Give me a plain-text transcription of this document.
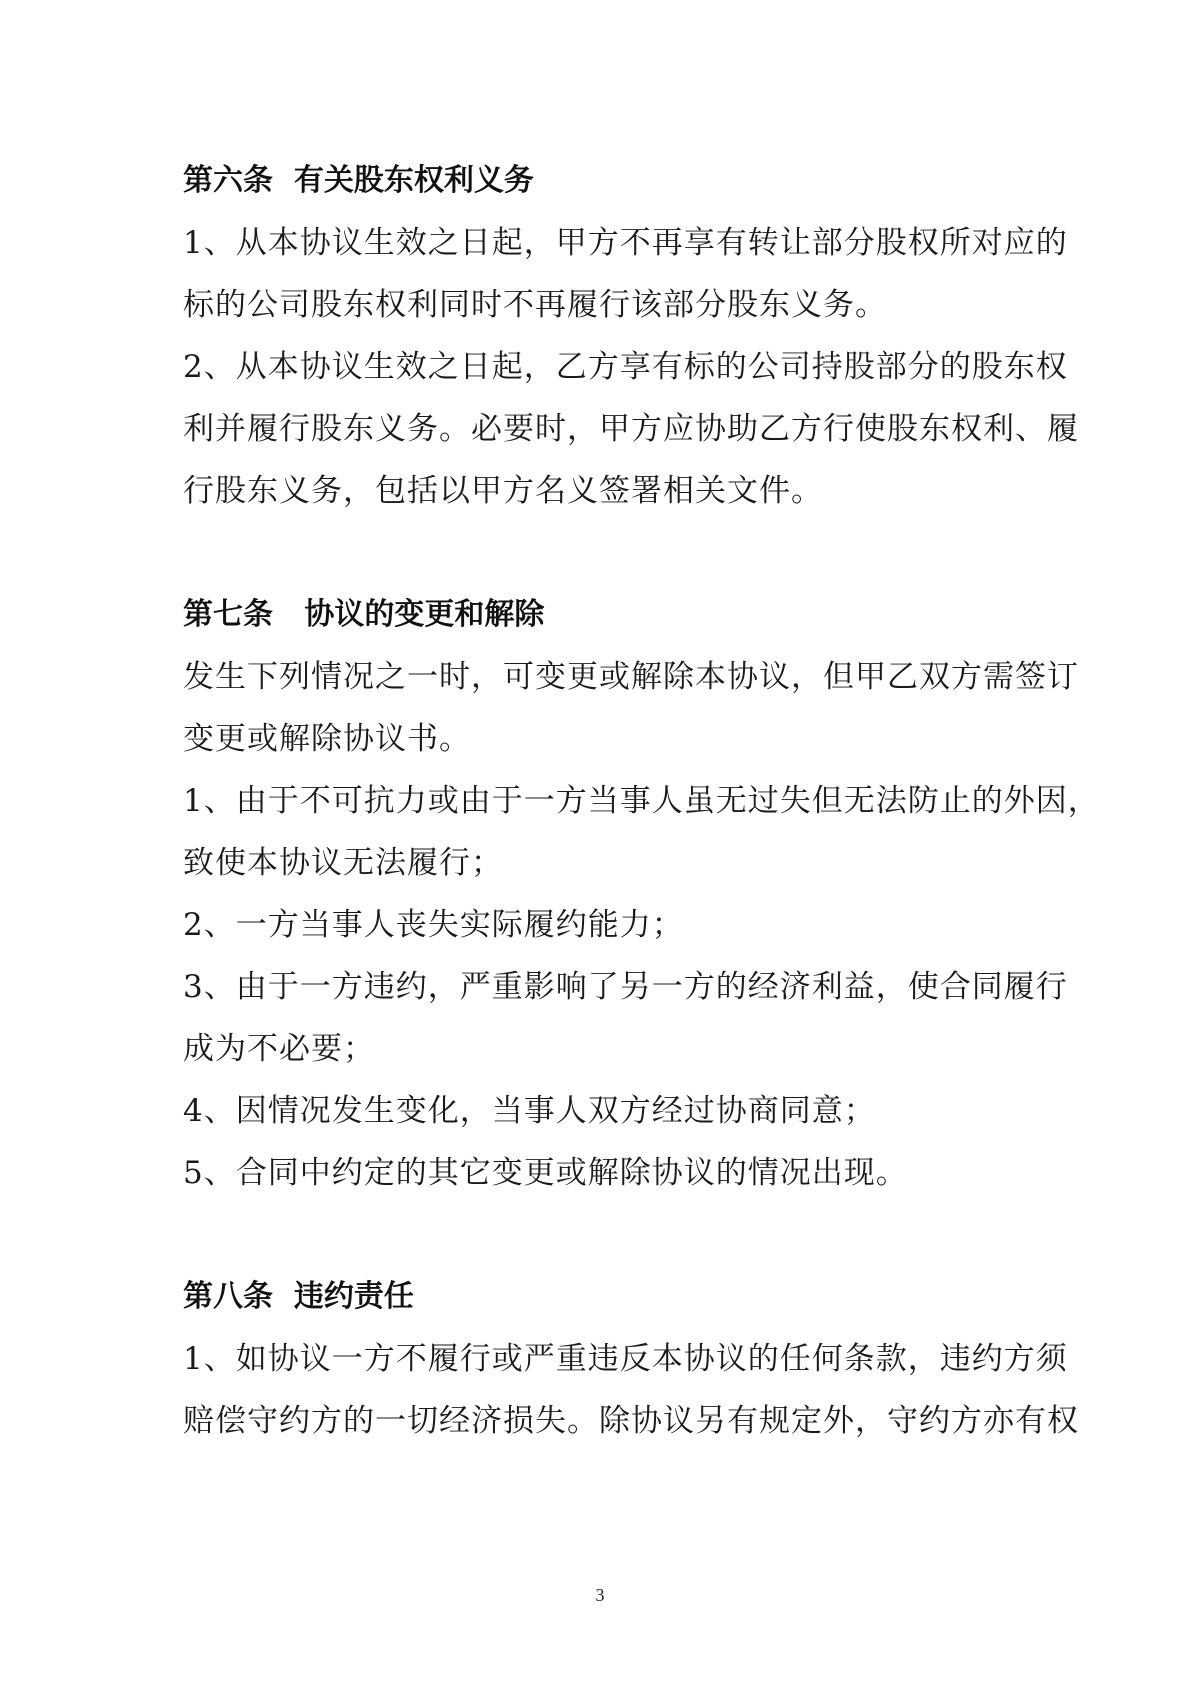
第六条  有关股东权利义务
1、从本协议生效之日起，甲方不再享有转让部分股权所对应的
标的公司股东权利同时不再履行该部分股东义务。
2、从本协议生效之日起，乙方享有标的公司持股部分的股东权
利并履行股东义务。必要时，甲方应协助乙方行使股东权利、履
行股东义务，包括以甲方名义签署相关文件。
第七条   协议的变更和解除
发生下列情况之一时，可变更或解除本协议，但甲乙双方需签订
变更或解除协议书。
1、由于不可抗力或由于一方当事人虽无过失但无法防止的外因，
致使本协议无法履行；
2、一方当事人丧失实际履约能力；
3、由于一方违约，严重影响了另一方的经济利益，使合同履行
成为不必要；
4、因情况发生变化，当事人双方经过协商同意；
5、合同中约定的其它变更或解除协议的情况出现。
第八条  违约责任
1、如协议一方不履行或严重违反本协议的任何条款，违约方须
赔偿守约方的一切经济损失。除协议另有规定外，守约方亦有权
3
